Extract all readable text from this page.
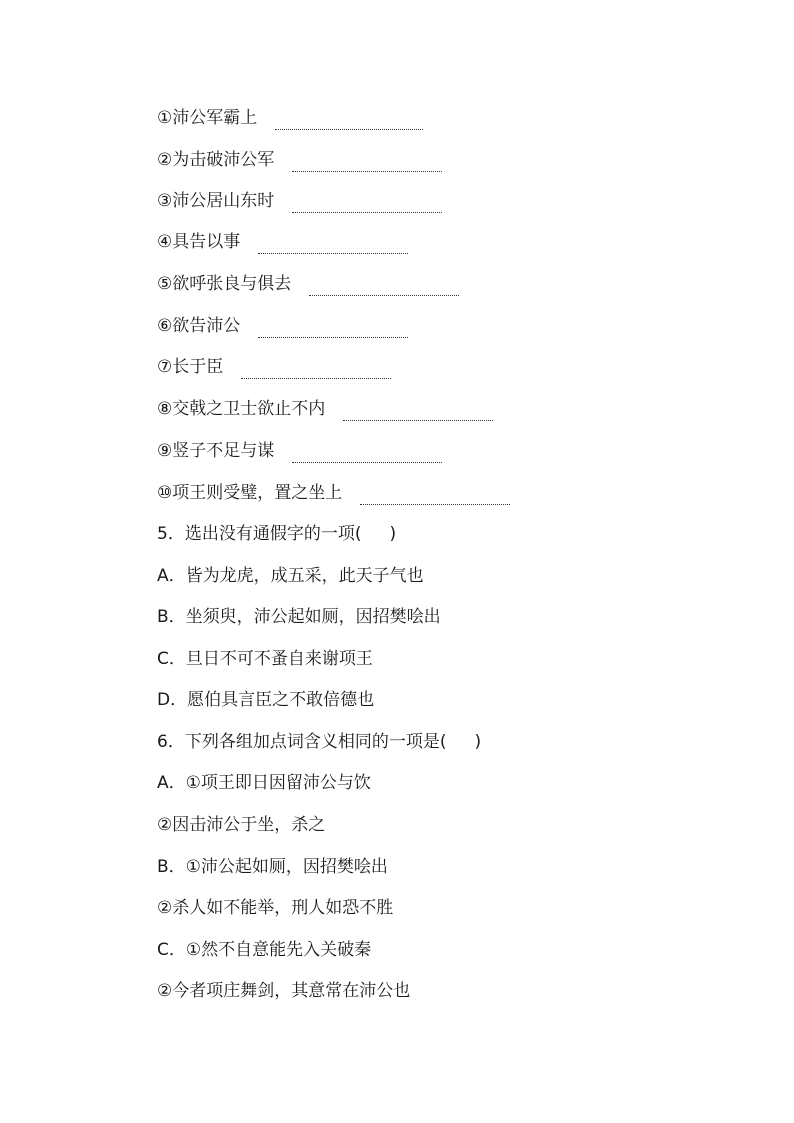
①沛公军霸上
②为击破沛公军
③沛公居山东时
④具告以事
⑤欲呼张良与俱去
⑥欲告沛公
⑦长于臣
⑧交戟之卫士欲止不内
⑨竖子不足与谋
⑩项王则受璧，置之坐上
5．选出没有通假字的一项( )
A．皆为龙虎，成五采，此天子气也
B．坐须臾，沛公起如厕，因招樊哙出
C．旦日不可不蚤自来谢项王
D．愿伯具言臣之不敢倍德也
6．下列各组加点词含义相同的一项是( )
A．①项王即日因留沛公与饮
②因击沛公于坐，杀之
B．①沛公起如厕，因招樊哙出
②杀人如不能举，刑人如恐不胜
C．①然不自意能先入关破秦
②今者项庄舞剑，其意常在沛公也
